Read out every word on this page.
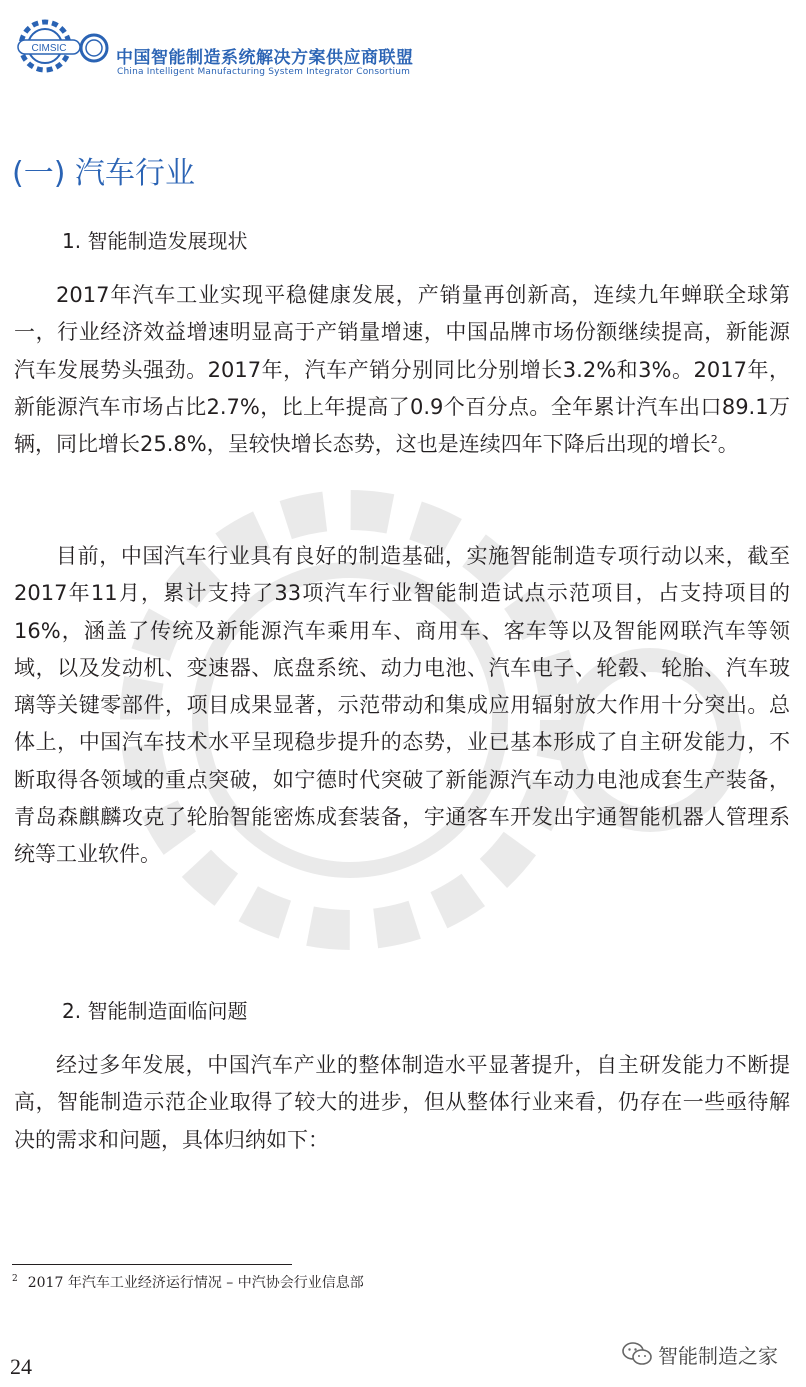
CIMSIC	中国智能制造系统解决方案供应商联盟
China Intelligent Manufacturing System Integrator Consortium
(一) 汽车行业
1. 智能制造发展现状

2017年汽车工业实现平稳健康发展，产销量再创新高，连续九年蝉联全球第一，行业经济效益增速明显高于产销量增速，中国品牌市场份额继续提高，新能源汽车发展势头强劲。2017年，汽车产销分别同比分别增长3.2%和3%。2017年，新能源汽车市场占比2.7%，比上年提高了0.9个百分点。全年累计汽车出口89.1万辆，同比增长25.8%，呈较快增长态势，这也是连续四年下降后出现的增长$^2$。

目前，中国汽车行业具有良好的制造基础，实施智能制造专项行动以来，截至2017年11月，累计支持了33项汽车行业智能制造试点示范项目，占支持项目的16%，涵盖了传统及新能源汽车乘用车、商用车、客车等以及智能网联汽车等领域，以及发动机、变速器、底盘系统、动力电池、汽车电子、轮毂、轮胎、汽车玻璃等关键零部件，项目成果显著，示范带动和集成应用辐射放大作用十分突出。总体上，中国汽车技术水平呈现稳步提升的态势，业已基本形成了自主研发能力，不断取得各领域的重点突破，如宁德时代突破了新能源汽车动力电池成套生产装备，青岛森麒麟攻克了轮胎智能密炼成套装备，宇通客车开发出宇通智能机器人管理系统等工业软件。

2. 智能制造面临问题

经过多年发展，中国汽车产业的整体制造水平显著提升，自主研发能力不断提高，智能制造示范企业取得了较大的进步，但从整体行业来看，仍存在一些亟待解决的需求和问题，具体归纳如下：

$^2$ 2017 年汽车工业经济运行情况 – 中汽协会行业信息部
24	智能制造之家
